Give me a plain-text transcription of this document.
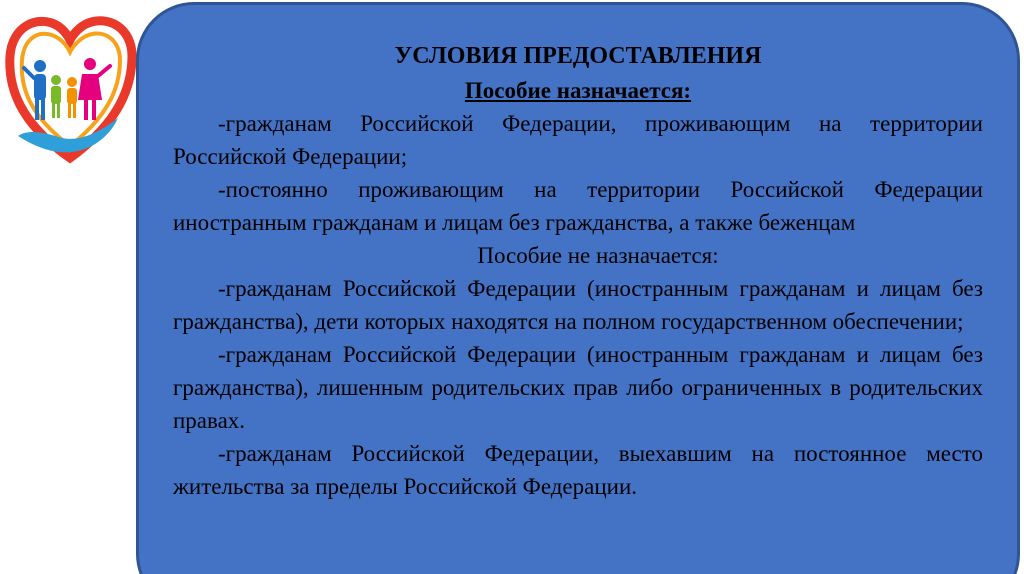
УСЛОВИЯ ПРЕДОСТАВЛЕНИЯ

Пособие назначается:

-гражданам Российской Федерации, проживающим на территории Российской Федерации;

-постоянно проживающим на территории Российской Федерации иностранным гражданам и лицам без гражданства, а также беженцам

Пособие не назначается:

-гражданам Российской Федерации (иностранным гражданам и лицам без гражданства), дети которых находятся на полном государственном обеспечении;

-гражданам Российской Федерации (иностранным гражданам и лицам без гражданства), лишенным родительских прав либо ограниченных в родительских правах.

-гражданам Российской Федерации, выехавшим на постоянное место жительства за пределы Российской Федерации.
